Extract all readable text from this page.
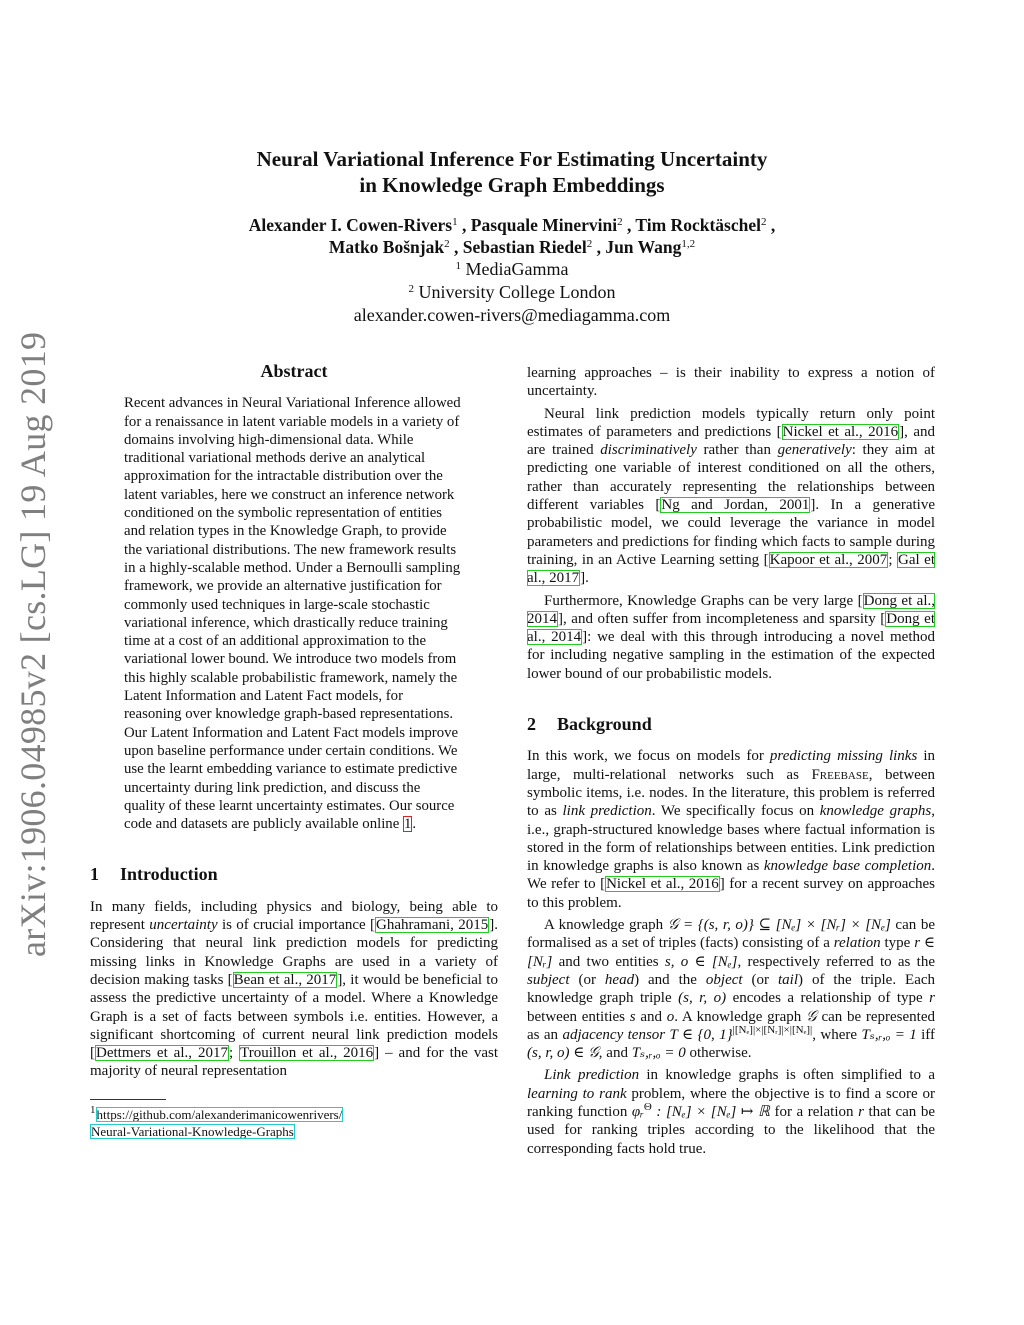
arXiv:1906.04985v2 [cs.LG] 19 Aug 2019
Neural Variational Inference For Estimating Uncertainty
in Knowledge Graph Embeddings
Alexander I. Cowen-Rivers$^1$ , Pasquale Minervini$^2$ , Tim Rocktäschel$^2$ ,
Matko Bošnjak$^2$ , Sebastian Riedel$^2$ , Jun Wang$^{1,2}$
$^1$ MediaGamma
$^2$ University College London
alexander.cowen-rivers@mediagamma.com
Abstract
Recent advances in Neural Variational Inference allowed for a renaissance in latent variable models in a variety of domains involving high-dimensional data. While traditional variational methods derive an analytical approximation for the intractable distribution over the latent variables, here we construct an inference network conditioned on the symbolic representation of entities and relation types in the Knowledge Graph, to provide the variational distributions. The new framework results in a highly-scalable method. Under a Bernoulli sampling framework, we provide an alternative justification for commonly used techniques in large-scale stochastic variational inference, which drastically reduce training time at a cost of an additional approximation to the variational lower bound. We introduce two models from this highly scalable probabilistic framework, namely the Latent Information and Latent Fact models, for reasoning over knowledge graph-based representations. Our Latent Information and Latent Fact models improve upon baseline performance under certain conditions. We use the learnt embedding variance to estimate predictive uncertainty during link prediction, and discuss the quality of these learnt uncertainty estimates. Our source code and datasets are publicly available online 1.
1 Introduction

In many fields, including physics and biology, being able to represent uncertainty is of crucial importance [Ghahramani, 2015]. Considering that neural link prediction models for predicting missing links in Knowledge Graphs are used in a variety of decision making tasks [Bean et al., 2017], it would be beneficial to assess the predictive uncertainty of a model. Where a Knowledge Graph is a set of facts between symbols i.e. entities. However, a significant shortcoming of current neural link prediction models [Dettmers et al., 2017; Trouillon et al., 2016] – and for the vast majority of neural representation

$^1$https://github.com/alexanderimanicowenrivers/
Neural-Variational-Knowledge-Graphs

learning approaches – is their inability to express a notion of uncertainty.

Neural link prediction models typically return only point estimates of parameters and predictions [Nickel et al., 2016], and are trained discriminatively rather than generatively: they aim at predicting one variable of interest conditioned on all the others, rather than accurately representing the relationships between different variables [Ng and Jordan, 2001]. In a generative probabilistic model, we could leverage the variance in model parameters and predictions for finding which facts to sample during training, in an Active Learning setting [Kapoor et al., 2007; Gal et al., 2017].

Furthermore, Knowledge Graphs can be very large [Dong et al., 2014], and often suffer from incompleteness and sparsity [Dong et al., 2014]: we deal with this through introducing a novel method for including negative sampling in the estimation of the expected lower bound of our probabilistic models.

2 Background

In this work, we focus on models for predicting missing links in large, multi-relational networks such as Freebase, between symbolic items, i.e. nodes. In the literature, this problem is referred to as link prediction. We specifically focus on knowledge graphs, i.e., graph-structured knowledge bases where factual information is stored in the form of relationships between entities. Link prediction in knowledge graphs is also known as knowledge base completion. We refer to [Nickel et al., 2016] for a recent survey on approaches to this problem.

A knowledge graph 𝒢 = {(s, r, o)} ⊆ [Nₑ] × [Nᵣ] × [Nₑ] can be formalised as a set of triples (facts) consisting of a relation type r ∈ [Nᵣ] and two entities s, o ∈ [Nₑ], respectively referred to as the subject (or head) and the object (or tail) of the triple. Each knowledge graph triple (s, r, o) encodes a relationship of type r between entities s and o. A knowledge graph 𝒢 can be represented as an adjacency tensor T ∈ {0, 1}$^{|[N_e]|\times|[Nᵣ]|\times|[N_e]|}$, where Tₛ,ᵣ,ₒ = 1 iff (s, r, o) ∈ 𝒢, and Tₛ,ᵣ,ₒ = 0 otherwise.

Link prediction in knowledge graphs is often simplified to a learning to rank problem, where the objective is to find a score or ranking function φᵣ$^\Theta$ : [Nₑ] × [Nₑ] ↦ ℝ for a relation r that can be used for ranking triples according to the likelihood that the corresponding facts hold true.
